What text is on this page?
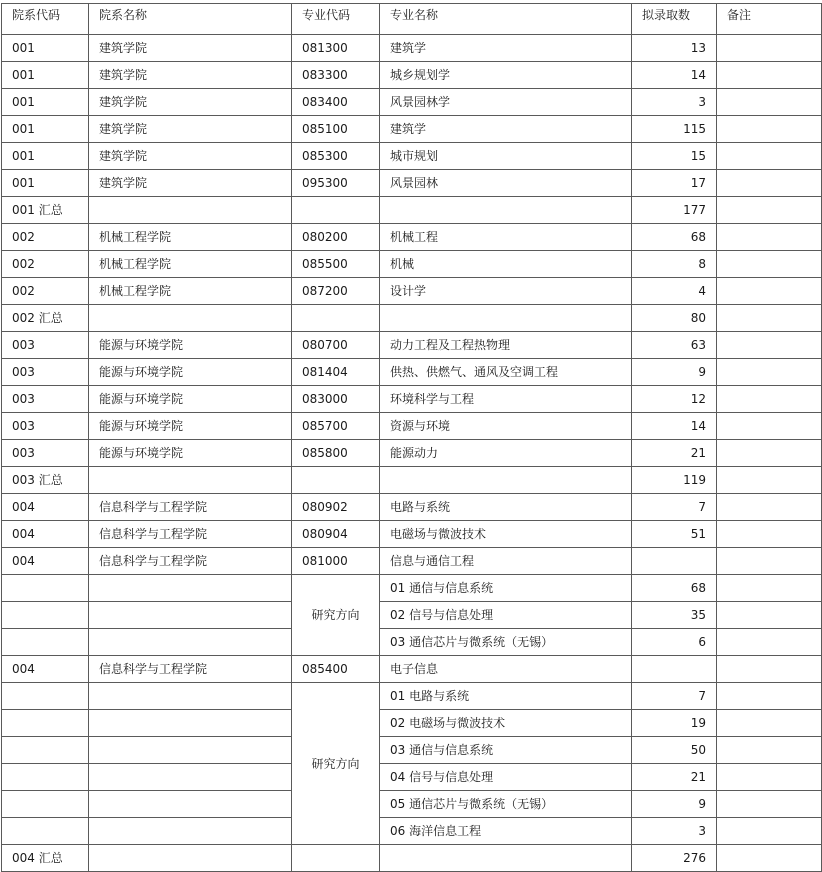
院系代码	院系名称	专业代码	专业名称	拟录取数	备注
001	建筑学院	081300	建筑学	13	
001	建筑学院	083300	城乡规划学	14	
001	建筑学院	083400	风景园林学	3	
001	建筑学院	085100	建筑学	115	
001	建筑学院	085300	城市规划	15	
001	建筑学院	095300	风景园林	17	
001 汇总				177	
002	机械工程学院	080200	机械工程	68	
002	机械工程学院	085500	机械	8	
002	机械工程学院	087200	设计学	4	
002 汇总				80	
003	能源与环境学院	080700	动力工程及工程热物理	63	
003	能源与环境学院	081404	供热、供燃气、通风及空调工程	9	
003	能源与环境学院	083000	环境科学与工程	12	
003	能源与环境学院	085700	资源与环境	14	
003	能源与环境学院	085800	能源动力	21	
003 汇总				119	
004	信息科学与工程学院	080902	电路与系统	7	
004	信息科学与工程学院	080904	电磁场与微波技术	51	
004	信息科学与工程学院	081000	信息与通信工程		
		研究方向	01 通信与信息系统	68	
			02 信号与信息处理	35	
			03 通信芯片与微系统（无锡）	6	
004	信息科学与工程学院	085400	电子信息		
		研究方向	01 电路与系统	7	
			02 电磁场与微波技术	19	
			03 通信与信息系统	50	
			04 信号与信息处理	21	
			05 通信芯片与微系统（无锡）	9	
			06 海洋信息工程	3	
004 汇总				276	
